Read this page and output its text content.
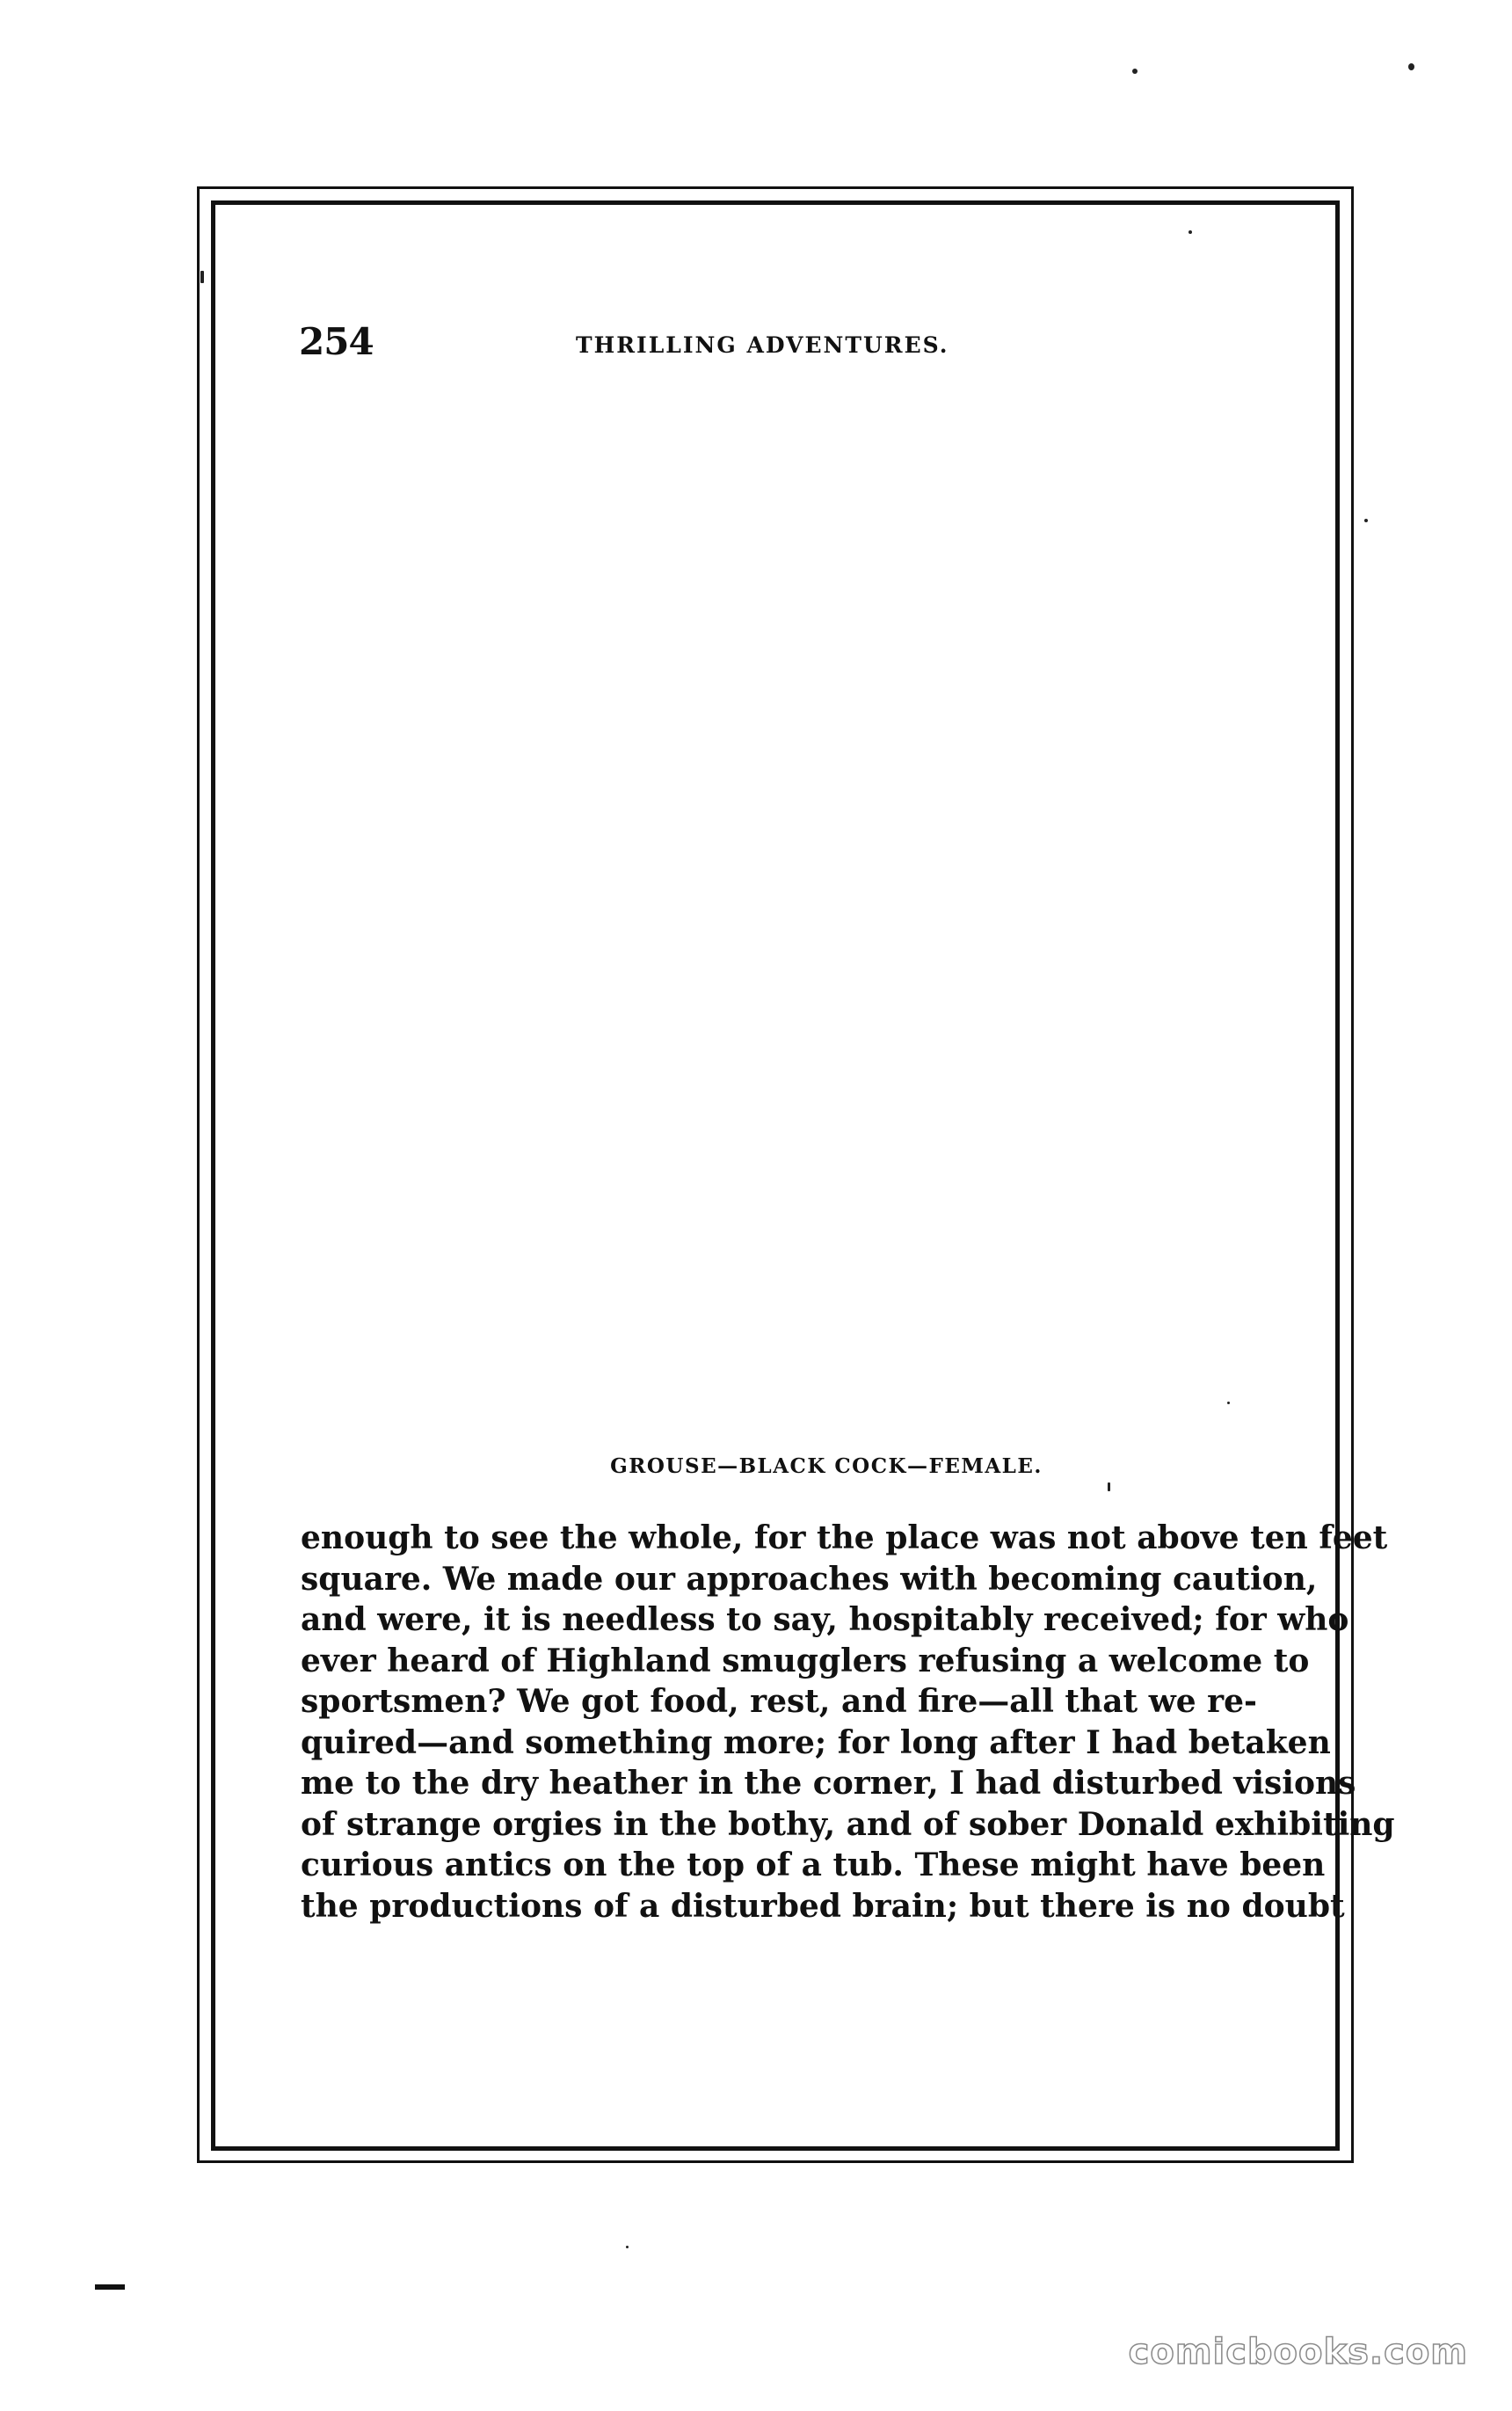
254	THRILLING ADVENTURES.
GROUSE—BLACK COCK—FEMALE.
enough to see the whole, for the place was not above ten feet
square. We made our approaches with becoming caution,
and were, it is needless to say, hospitably received; for who
ever heard of Highland smugglers refusing a welcome to
sportsmen? We got food, rest, and fire—all that we re-
quired—and something more; for long after I had betaken
me to the dry heather in the corner, I had disturbed visions
of strange orgies in the bothy, and of sober Donald exhibiting
curious antics on the top of a tub. These might have been
the productions of a disturbed brain; but there is no doubt
comicbooks.com
